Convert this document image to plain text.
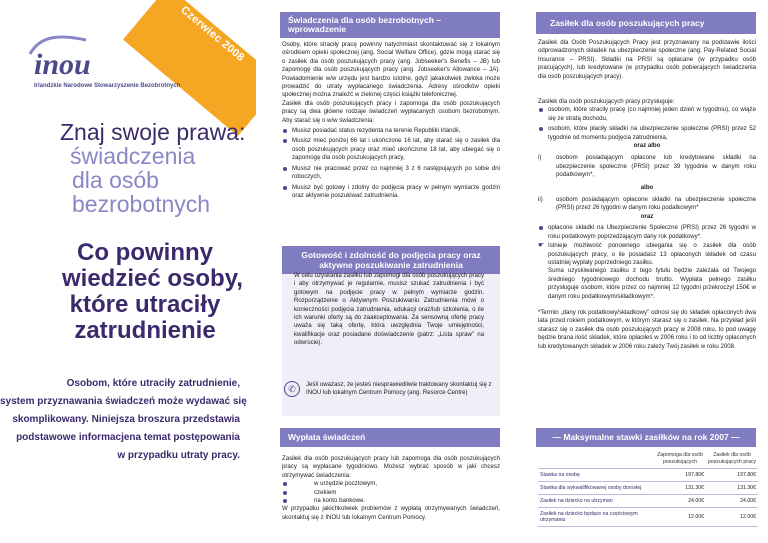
Czerwiec 2008
inou
Irlandzkie Narodowe Stowarzyszenie Bezobrotnych
Znaj swoje prawa:
świadczenia
dla osób
bezrobotnych
Co powinny
wiedzieć osoby,
które utraciły
zatrudnienie
Osobom, które utraciły zatrudnienie,
system przyznawania świadczeń może wydawać się
skomplikowany. Niniejsza broszura przedstawia
podstawowe informacjena temat postępowania
w przypadku utraty pracy.
Świadczenia dla osób bezrobotnych –
wprowadzenie

Osoby, które straciły pracę powinny natychmiast skontaktować się z lokalnym ośrodkiem opieki społecznej (ang. Social Welfare Office), gdzie mogą starać się o zasiłek dla osób poszukujących pracy (ang. Jobseeker's Benefis – JB) lub zapomogę dla osób poszukujących pracy (ang. Jobseeker's Allowance – JA). Powiadomienie w/w urzędu jest bardzo istotne, gdyż jakakolwiek zwłoka może prowadzić do utraty wypłacanego świadczenia. Adresy ośrodków opieki społecznej można znaleźć w zielonej części książki telefonicznej.

Zasiłek dla osób poszukujących pracy i zapomoga dla osób poszukujących pracy są dwa główne rodzaje świadczeń wypłacanych osobom bezrobotnym. Aby starać się o w/w świadczenia:

Musisz posiadać status rezydenta na terenie Republiki Irlandii,
Musisz mieć poniżej 66 lat i ukończone 16 lat, aby starać się o zasiłek dla osób poszukujących pracy oraz mieć ukończone 18 lat, aby ubiegać się o zapomogę dla osób poszukujących pracy,
Musisz nie pracować przez co najmniej 3 z 6 następujących po sobie dni roboczych,
Musisz być gotowy i zdolny do podjęcia pracy w pełnym wymiarze godzin oraz aktywnie poszukiwać zatrudnienia.
Gotowość i zdolność do podjęcia pracy oraz aktywne poszukiwanie zatrudnienia
W celu uzyskania zasiłku lub zapomogi dla osób poszukujących pracy i aby otrzymywać je regularnie, musisz szukać zatrudnienia i być gotowym na podjęcie pracy w pełnym wymiarze godzin. Rozporządzenie o Aktywnym Poszukiwaniu Zatrudnienia mówi o konieczności podjęcia zatrudnienia, edukacji oraz/lub szkolenia, o ile ich warunki oferty są do zaakceptowania. Za sensowną ofertę pracy uważa się taką ofertę, która uwzględnia Twoje umiejętności, kwalifikacje oraz posiadane doświadczenie (patrz: „Lista spraw" na odwrocie).
✆	Jeśli uważasz, że jesteś niesprawiedliwie traktowany skontaktuj się z INOU lub lokalnym Centrum Pomocy (ang. Resorce Centre)
Wypłata świadczeń

Zasiłek dla osób poszukujących pracy lub zapomoga dla osób poszukujących pracy są wypłacane tygodniowo. Możesz wybrać sposób w jaki chcesz otrzymywać świadczenia:

w urzędzie pocztowym,
czekiem
na konto bankowe.

W przypadku jakichkolwiek problemów z wypłatą otrzymywanych świadczeń, skontaktuj się z INOU lub lokalnym Centrum Pomocy.

Zasiłek dla osób poszukujących pracy
Zasiłek dla Osób Poszukujących Pracy jest przyznawany na podstawie ilości odprowadzonych składek na ubezpieczenie społeczne (ang. Pay-Related Social Insurance – PRSI). Składki na PRSI są opłacane (w przypadku osób pracujących), lub kredytowane (w przypadku osób pobierających świadczenia dla osób poszukujących pracy).

Zasiłek dla osób poszukujących pracy przysługuje:

osobom, które straciły pracę (co najmniej jeden dzień w tygodniu), co wiąże się ze stratą dochodu,
osobom, które płaciły składki na ubezpieczenie społeczne (PRSI) przez 52 tygodnie od momentu podjęcia zatrudnienia,
oraz albo
i)	osobom posiadającym opłacone lub kredytowane składki na ubezpieczenie społeczne (PRSI) przez 39 tygodnie w danym roku podatkowym*,
albo
ii)	osobom posiadającym opłacone składki na ubezpieczenie społeczne (PRSI) przez 26 tygodni w danym roku podatkowym*
oraz
opłacone składki na Ubezpieczenie Społeczne (PRSI) przez 26 tygodni w roku podatkowym poprzedzającym dany rok podatkowy*.
☛ Istnieje możliwość ponownego ubiegania się o zasiłek dla osób poszukujących pracy, o ile posiadasz 13 opłaconych składek od czasu ostatniej wypłaty poprzedniego zasiłku.

Suma uzyskiwanego zasiłku z tego tytułu będzie zależała od Twojego średniego tygodniowego dochodu brutto. Wypłata pełnego zasiłku przysługuje osobom, które przez co najmniej 12 tygodni przekroczył 150€ w danym roku podatkowym/składkowym*.

*Termin „dany rok podatkowy/składkowy" odnosi się do składek opłaconych dwa lata przed rokiem podatkowym, w którym starasz się o zasiłek. Na przykład jeśli starasz się o zasiłek dla osób poszukujących pracy w 2008 roku, to pod uwagę będzie brana ilość składek, które opłaciłeś w 2006 roku i to od liczby opłaconych lub kredytowanych składek w 2006 roku zależy Twój zasiłek w roku 2008.

— Maksymalne stawki zasiłków na rok 2007 —
	Zapomoga dla osób poszukujących	Zasiłek dla osób poszukujących pracy
Stawka na osobę	197.80€	197.80€
Stawka dla wykwalifikowanej osoby dorosłej	131.30€	131.30€
Zasiłek na dziecko na utrzyman	24.00€	24.00€
Zasiłek na dziecko będące na częściowym utrzymaniu	12.00€	12.00€
